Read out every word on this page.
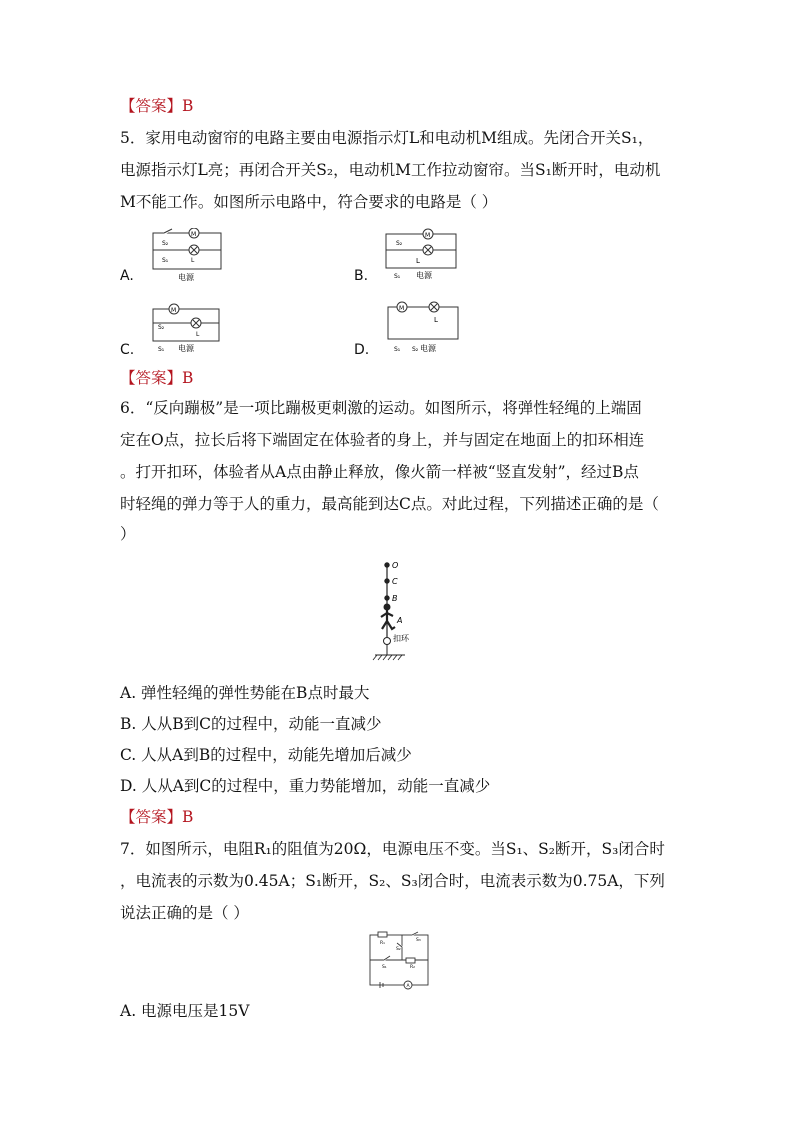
【答案】B
5．家用电动窗帘的电路主要由电源指示灯L和电动机M组成。先闭合开关S₁，
电源指示灯L亮；再闭合开关S₂，电动机M工作拉动窗帘。当S₁断开时，电动机
M不能工作。如图所示电路中，符合要求的电路是（ ）
A.
M
S₂
S₁	L
电源	B.
M
S₂
L
S₁ 电源
C.
M
S₂
L
S₁ 电源	D.
M
L
S₁ S₂ 电源
【答案】B
6．“反向蹦极”是一项比蹦极更刺激的运动。如图所示，将弹性轻绳的上端固
定在O点，拉长后将下端固定在体验者的身上，并与固定在地面上的扣环相连
。打开扣环，体验者从A点由静止释放，像火箭一样被“竖直发射”，经过B点
时轻绳的弹力等于人的重力，最高能到达C点。对此过程，下列描述正确的是（
）
O
C
B
A
扣环
A. 弹性轻绳的弹性势能在B点时最大
B. 人从B到C的过程中，动能一直减少
C. 人从A到B的过程中，动能先增加后减少
D. 人从A到C的过程中，重力势能增加，动能一直减少
【答案】B
7．如图所示，电阻R₁的阻值为20Ω，电源电压不变。当S₁、S₂断开，S₃闭合时
，电流表的示数为0.45A；S₁断开，S₂、S₃闭合时，电流表示数为0.75A，下列
说法正确的是（ ）
R₁
R₂
S₃
S₂
S₁
A
A. 电源电压是15V
